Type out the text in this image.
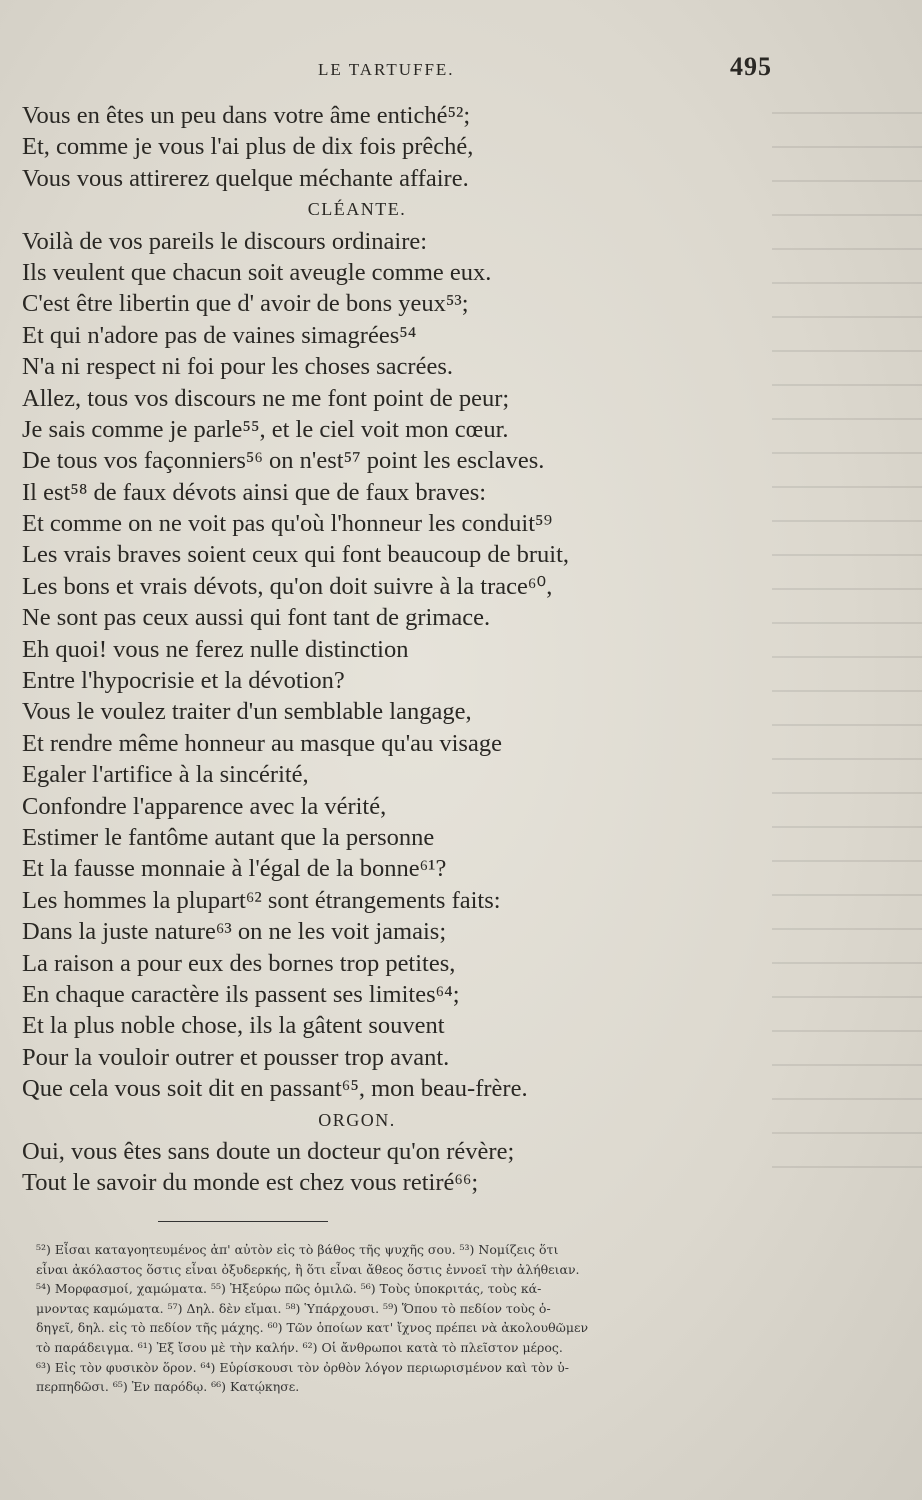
LE TARTUFFE.	495
Vous en êtes un peu dans votre âme entiché⁵²;
Et, comme je vous l'ai plus de dix fois prêché,
Vous vous attirerez quelque méchante affaire.
CLÉANTE.
Voilà de vos pareils le discours ordinaire:
Ils veulent que chacun soit aveugle comme eux.
C'est être libertin que d' avoir de bons yeux⁵³;
Et qui n'adore pas de vaines simagrées⁵⁴
N'a ni respect ni foi pour les choses sacrées.
Allez, tous vos discours ne me font point de peur;
Je sais comme je parle⁵⁵, et le ciel voit mon cœur.
De tous vos façonniers⁵⁶ on n'est⁵⁷ point les esclaves.
Il est⁵⁸ de faux dévots ainsi que de faux braves:
Et comme on ne voit pas qu'où l'honneur les conduit⁵⁹
Les vrais braves soient ceux qui font beaucoup de bruit,
Les bons et vrais dévots, qu'on doit suivre à la trace⁶⁰,
Ne sont pas ceux aussi qui font tant de grimace.
Eh quoi! vous ne ferez nulle distinction
Entre l'hypocrisie et la dévotion?
Vous le voulez traiter d'un semblable langage,
Et rendre même honneur au masque qu'au visage
Egaler l'artifice à la sincérité,
Confondre l'apparence avec la vérité,
Estimer le fantôme autant que la personne
Et la fausse monnaie à l'égal de la bonne⁶¹?
Les hommes la plupart⁶² sont étrangements faits:
Dans la juste nature⁶³ on ne les voit jamais;
La raison a pour eux des bornes trop petites,
En chaque caractère ils passent ses limites⁶⁴;
Et la plus noble chose, ils la gâtent souvent
Pour la vouloir outrer et pousser trop avant.
Que cela vous soit dit en passant⁶⁵, mon beau-frère.
ORGON.
Oui, vous êtes sans doute un docteur qu'on révère;
Tout le savoir du monde est chez vous retiré⁶⁶;
⁵²) Εἶσαι καταγοητευμένος ἀπ' αὐτὸν εἰς τὸ βάθος τῆς ψυχῆς σου. ⁵³) Νομίζεις ὅτι
εἶναι ἀκόλαστος ὅστις εἶναι ὀξυδερκής, ἢ ὅτι εἶναι ἄθεος ὅστις ἐννοεῖ τὴν ἀλήθειαν.
⁵⁴) Μορφασμοί, χαμώματα. ⁵⁵) Ἠξεύρω πῶς ὁμιλῶ. ⁵⁶) Τοὺς ὑποκριτάς, τοὺς κά-
μνοντας καμώματα. ⁵⁷) Δηλ. δὲν εἴμαι. ⁵⁸) Ὑπάρχουσι. ⁵⁹) Ὅπου τὸ πεδίον τοὺς ὁ-
δηγεῖ, δηλ. εἰς τὸ πεδίον τῆς μάχης. ⁶⁰) Τῶν ὁποίων κατ' ἴχνος πρέπει νὰ ἀκολουθῶμεν
τὸ παράδειγμα. ⁶¹) Ἐξ ἴσου μὲ τὴν καλήν. ⁶²) Οἱ ἄνθρωποι κατὰ τὸ πλεῖστον μέρος.
⁶³) Εἰς τὸν φυσικὸν ὅρον. ⁶⁴) Εὑρίσκουσι τὸν ὀρθὸν λόγον περιωρισμένον καὶ τὸν ὑ-
περπηδῶσι. ⁶⁵) Ἐν παρόδῳ. ⁶⁶) Κατῴκησε.
